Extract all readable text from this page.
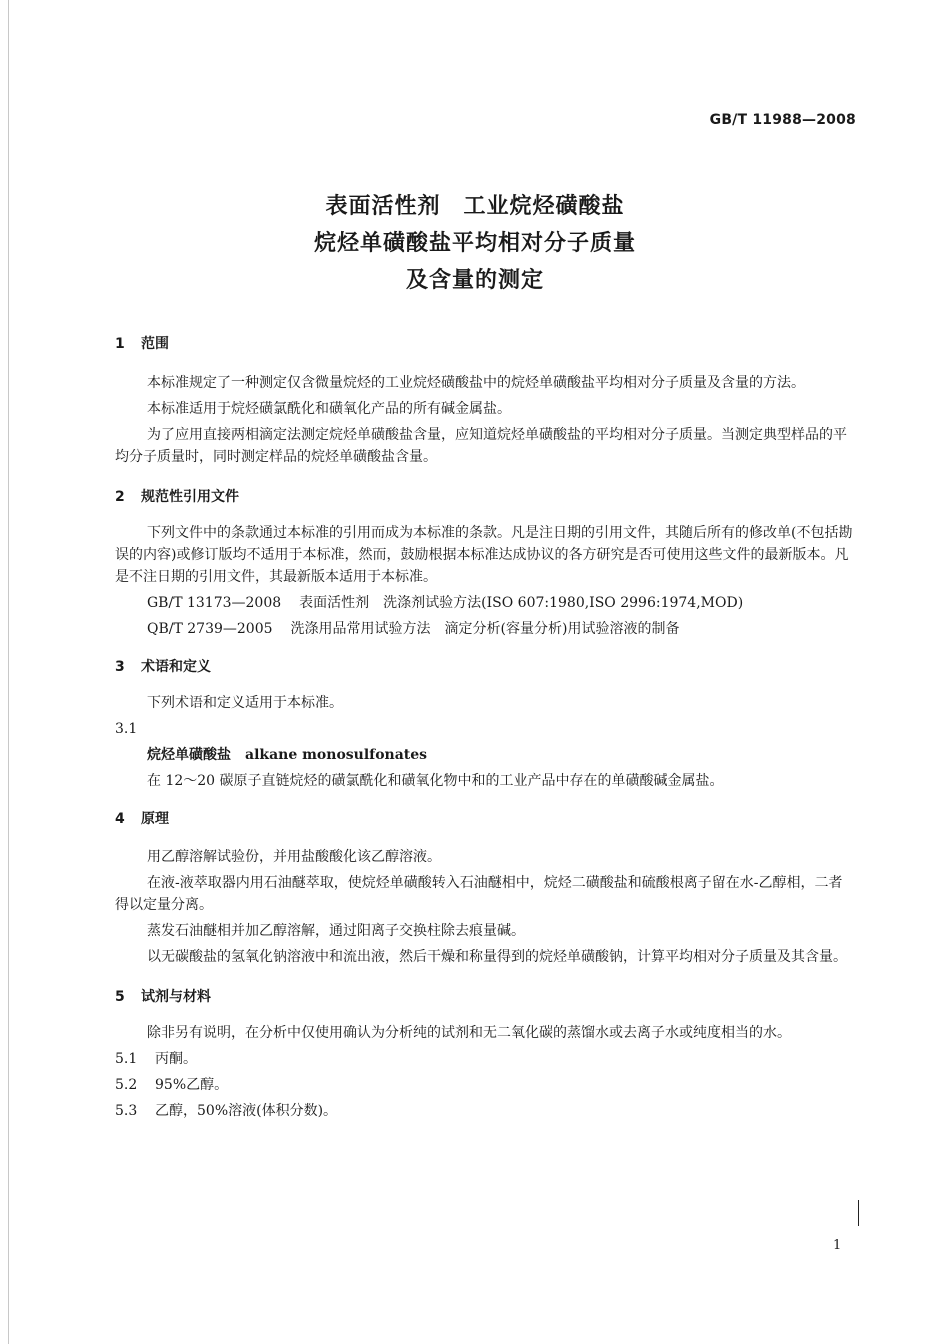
GB/T 11988—2008
表面活性剂　工业烷烃磺酸盐
烷烃单磺酸盐平均相对分子质量
及含量的测定
1 范围

本标准规定了一种测定仅含微量烷烃的工业烷烃磺酸盐中的烷烃单磺酸盐平均相对分子质量及含量的方法。

本标准适用于烷烃磺氯酰化和磺氧化产品的所有碱金属盐。

为了应用直接两相滴定法测定烷烃单磺酸盐含量，应知道烷烃单磺酸盐的平均相对分子质量。当测定典型样品的平均分子质量时，同时测定样品的烷烃单磺酸盐含量。

2 规范性引用文件

下列文件中的条款通过本标准的引用而成为本标准的条款。凡是注日期的引用文件，其随后所有的修改单(不包括勘误的内容)或修订版均不适用于本标准，然而，鼓励根据本标准达成协议的各方研究是否可使用这些文件的最新版本。凡是不注日期的引用文件，其最新版本适用于本标准。

GB/T 13173—2008 表面活性剂　洗涤剂试验方法(ISO 607:1980,ISO 2996:1974,MOD)
QB/T 2739—2005 洗涤用品常用试验方法　滴定分析(容量分析)用试验溶液的制备
3 术语和定义

下列术语和定义适用于本标准。

3.1
烷烃单磺酸盐 alkane monosulfonates

在 12～20 碳原子直链烷烃的磺氯酰化和磺氧化物中和的工业产品中存在的单磺酸碱金属盐。

4 原理

用乙醇溶解试验份，并用盐酸酸化该乙醇溶液。

在液-液萃取器内用石油醚萃取，使烷烃单磺酸转入石油醚相中，烷烃二磺酸盐和硫酸根离子留在水-乙醇相，二者得以定量分离。

蒸发石油醚相并加乙醇溶解，通过阳离子交换柱除去痕量碱。

以无碳酸盐的氢氧化钠溶液中和流出液，然后干燥和称量得到的烷烃单磺酸钠，计算平均相对分子质量及其含量。

5 试剂与材料

除非另有说明，在分析中仅使用确认为分析纯的试剂和无二氧化碳的蒸馏水或去离子水或纯度相当的水。

5.1 丙酮。
5.2 95%乙醇。
5.3 乙醇，50%溶液(体积分数)。
1
